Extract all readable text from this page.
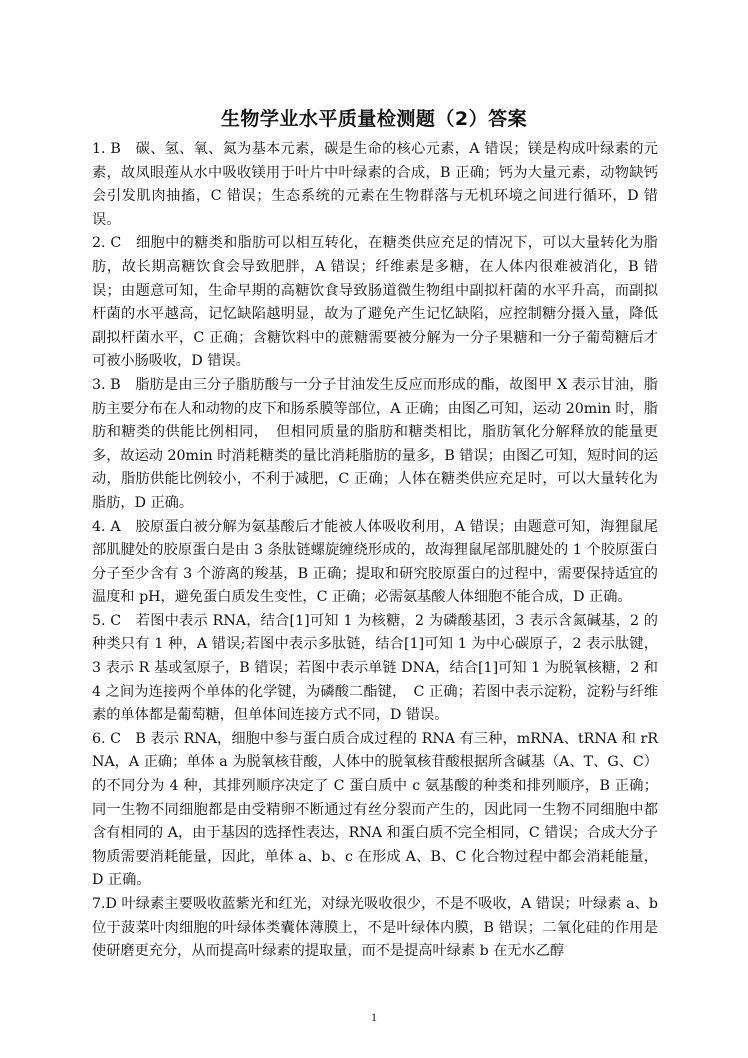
生物学业水平质量检测题（2）答案

1. B　碳、氢、氧、氮为基本元素，碳是生命的核心元素，A 错误；镁是构成叶绿素的元素，故凤眼莲从水中吸收镁用于叶片中叶绿素的合成，B 正确；钙为大量元素，动物缺钙会引发肌肉抽搐，C 错误；生态系统的元素在生物群落与无机环境之间进行循环，D 错误。

2. C　细胞中的糖类和脂肪可以相互转化，在糖类供应充足的情况下，可以大量转化为脂肪，故长期高糖饮食会导致肥胖，A 错误；纤维素是多糖，在人体内很难被消化，B 错误；由题意可知，生命早期的高糖饮食导致肠道微生物组中副拟杆菌的水平升高，而副拟杆菌的水平越高，记忆缺陷越明显，故为了避免产生记忆缺陷，应控制糖分摄入量，降低副拟杆菌水平，C 正确；含糖饮料中的蔗糖需要被分解为一分子果糖和一分子葡萄糖后才可被小肠吸收，D 错误。

3. B　脂肪是由三分子脂肪酸与一分子甘油发生反应而形成的酯，故图甲 X 表示甘油，脂肪主要分布在人和动物的皮下和肠系膜等部位，A 正确；由图乙可知，运动 20min 时，脂肪和糖类的供能比例相同，　但相同质量的脂肪和糖类相比，脂肪氧化分解释放的能量更多，故运动 20min 时消耗糖类的量比消耗脂肪的量多，B 错误；由图乙可知，短时间的运动，脂肪供能比例较小，不利于减肥，C 正确；人体在糖类供应充足时，可以大量转化为脂肪，D 正确。

4. A　胶原蛋白被分解为氨基酸后才能被人体吸收利用，A 错误；由题意可知，海狸鼠尾部肌腱处的胶原蛋白是由 3 条肽链螺旋缠绕形成的，故海狸鼠尾部肌腱处的 1 个胶原蛋白分子至少含有 3 个游离的羧基，B 正确；提取和研究胶原蛋白的过程中，需要保持适宜的温度和 pH，避免蛋白质发生变性，C 正确；必需氨基酸人体细胞不能合成，D 正确。

5. C　若图中表示 RNA，结合[1]可知 1 为核糖，2 为磷酸基团，3 表示含氮碱基，2 的种类只有 1 种，A 错误;若图中表示多肽链，结合[1]可知 1 为中心碳原子，2 表示肽键，3 表示 R 基或氢原子，B 错误；若图中表示单链 DNA，结合[1]可知 1 为脱氧核糖，2 和 4 之间为连接两个单体的化学键，为磷酸二酯键，　C 正确；若图中表示淀粉，淀粉与纤维素的单体都是葡萄糖，但单体间连接方式不同，D 错误。

6. C　B 表示 RNA，细胞中参与蛋白质合成过程的 RNA 有三种，mRNA、tRNA 和 rRNA，A 正确；单体 a 为脱氧核苷酸，人体中的脱氧核苷酸根据所含碱基（A、T、G、C）的不同分为 4 种，其排列顺序决定了 C 蛋白质中 c 氨基酸的种类和排列顺序，B 正确；同一生物不同细胞都是由受精卵不断通过有丝分裂而产生的，因此同一生物不同细胞中都含有相同的 A，由于基因的选择性表达，RNA 和蛋白质不完全相同，C 错误；合成大分子物质需要消耗能量，因此，单体 a、b、c 在形成 A、B、C 化合物过程中都会消耗能量，D 正确。

7.D 叶绿素主要吸收蓝紫光和红光，对绿光吸收很少，不是不吸收，A 错误；叶绿素 a、b 位于菠菜叶肉细胞的叶绿体类囊体薄膜上，不是叶绿体内膜，B 错误；二氧化硅的作用是使研磨更充分，从而提高叶绿素的提取量，而不是提高叶绿素 b 在无水乙醇

1
